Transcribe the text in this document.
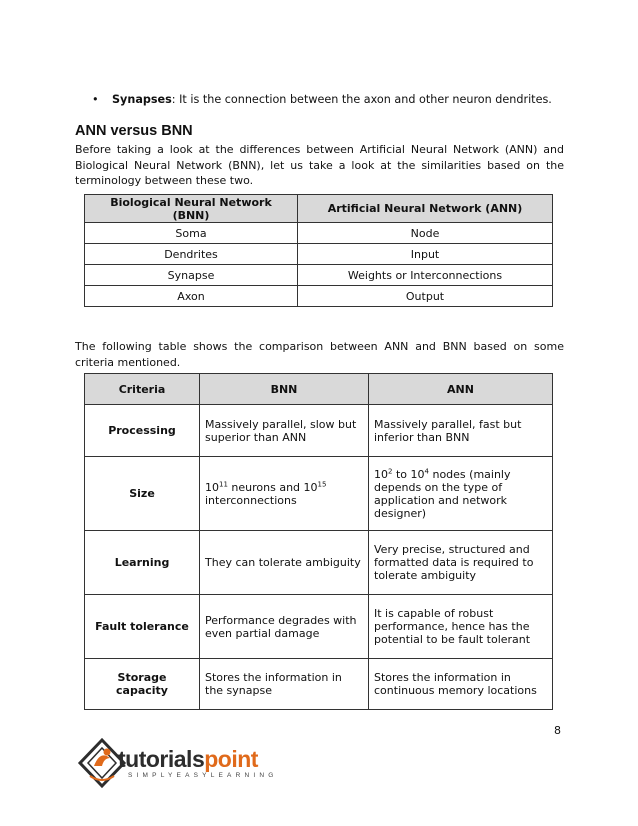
• Synapses: It is the connection between the axon and other neuron dendrites.
ANN versus BNN
Before taking a look at the differences between Artificial Neural Network (ANN) and Biological Neural Network (BNN), let us take a look at the similarities based on the terminology between these two.
Biological Neural Network (BNN)	Artificial Neural Network (ANN)
Soma	Node
Dendrites	Input
Synapse	Weights or Interconnections
Axon	Output
The following table shows the comparison between ANN and BNN based on some criteria mentioned.
Criteria	BNN	ANN
Processing	Massively parallel, slow but superior than ANN	Massively parallel, fast but inferior than BNN
Size	$10^{11}$ neurons and $10^{15}$ interconnections	$10^2$ to $10^4$ nodes (mainly depends on the type of application and network designer)
Learning	They can tolerate ambiguity	Very precise, structured and formatted data is required to tolerate ambiguity
Fault tolerance	Performance degrades with even partial damage	It is capable of robust performance, hence has the potential to be fault tolerant
Storage capacity	Stores the information in the synapse	Stores the information in continuous memory locations
8
tutorialspoint
SIMPLYEASYLEARNING
